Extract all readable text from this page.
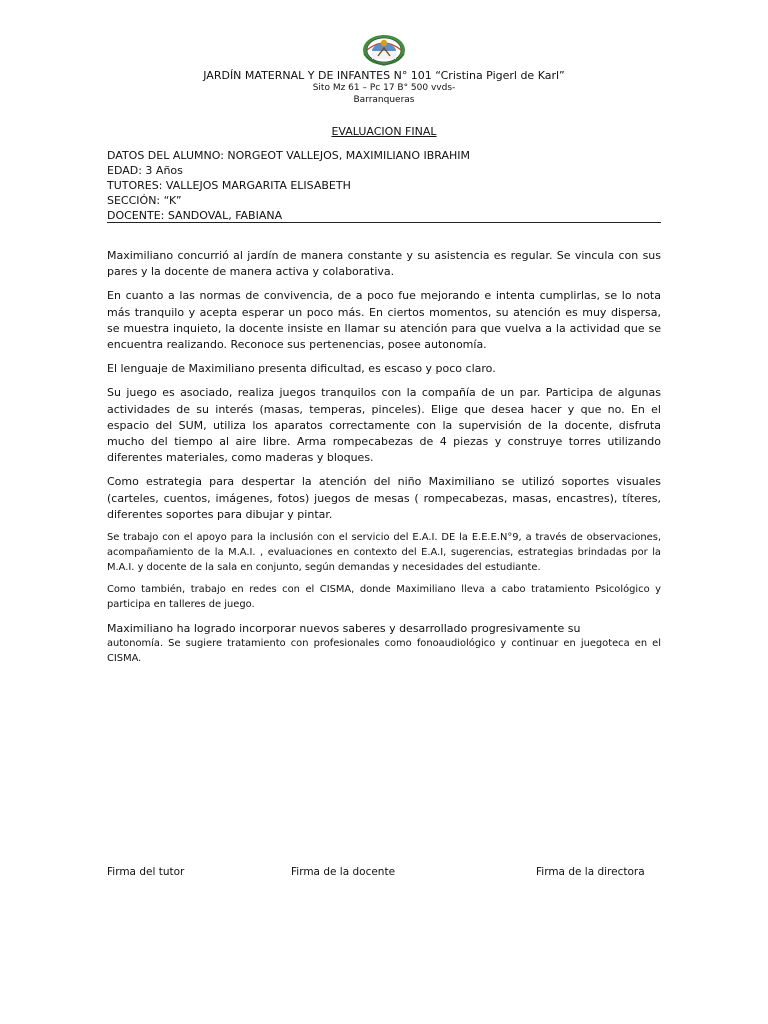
JARDÍN MATERNAL Y DE INFANTES N° 101 “Cristina Pigerl de Karl”
Sito Mz 61 – Pc 17 B° 500 vvds-
Barranqueras
EVALUACION FINAL
DATOS DEL ALUMNO: NORGEOT VALLEJOS, MAXIMILIANO IBRAHIM
EDAD: 3 Años
TUTORES: VALLEJOS MARGARITA ELISABETH
SECCIÓN: “K”
DOCENTE: SANDOVAL, FABIANA

Maximiliano concurrió al jardín de manera constante y su asistencia es regular. Se vincula con sus pares y la docente de manera activa y colaborativa.

En cuanto a las normas de convivencia, de a poco fue mejorando e intenta cumplirlas, se lo nota más tranquilo y acepta esperar un poco más. En ciertos momentos, su atención es muy dispersa, se muestra inquieto, la docente insiste en llamar su atención para que vuelva a la actividad que se encuentra realizando. Reconoce sus pertenencias, posee autonomía.

El lenguaje de Maximiliano presenta dificultad, es escaso y poco claro.

Su juego es asociado, realiza juegos tranquilos con la compañía de un par. Participa de algunas actividades de su interés (masas, temperas, pinceles). Elige que desea hacer y que no. En el espacio del SUM, utiliza los aparatos correctamente con la supervisión de la docente, disfruta mucho del tiempo al aire libre. Arma rompecabezas de 4 piezas y construye torres utilizando diferentes materiales, como maderas y bloques.

Como estrategia para despertar la atención del niño Maximiliano se utilizó soportes visuales (carteles, cuentos, imágenes, fotos) juegos de mesas ( rompecabezas, masas, encastres), títeres, diferentes soportes para dibujar y pintar.

Se trabajo con el apoyo para la inclusión con el servicio del E.A.I. DE la E.E.E.N°9, a través de observaciones, acompañamiento de la M.A.I. , evaluaciones en contexto del E.A.I, sugerencias, estrategias brindadas por la M.A.I. y docente de la sala en conjunto, según demandas y necesidades del estudiante.

Como también, trabajo en redes con el CISMA, donde Maximiliano lleva a cabo tratamiento Psicológico y participa en talleres de juego.

Maximiliano ha logrado incorporar nuevos saberes y desarrollado progresivamente su
autonomía. Se sugiere tratamiento con profesionales como fonoaudiológico y continuar en juegoteca en el CISMA.
Firma del tutor	Firma de la docente	Firma de la directora
